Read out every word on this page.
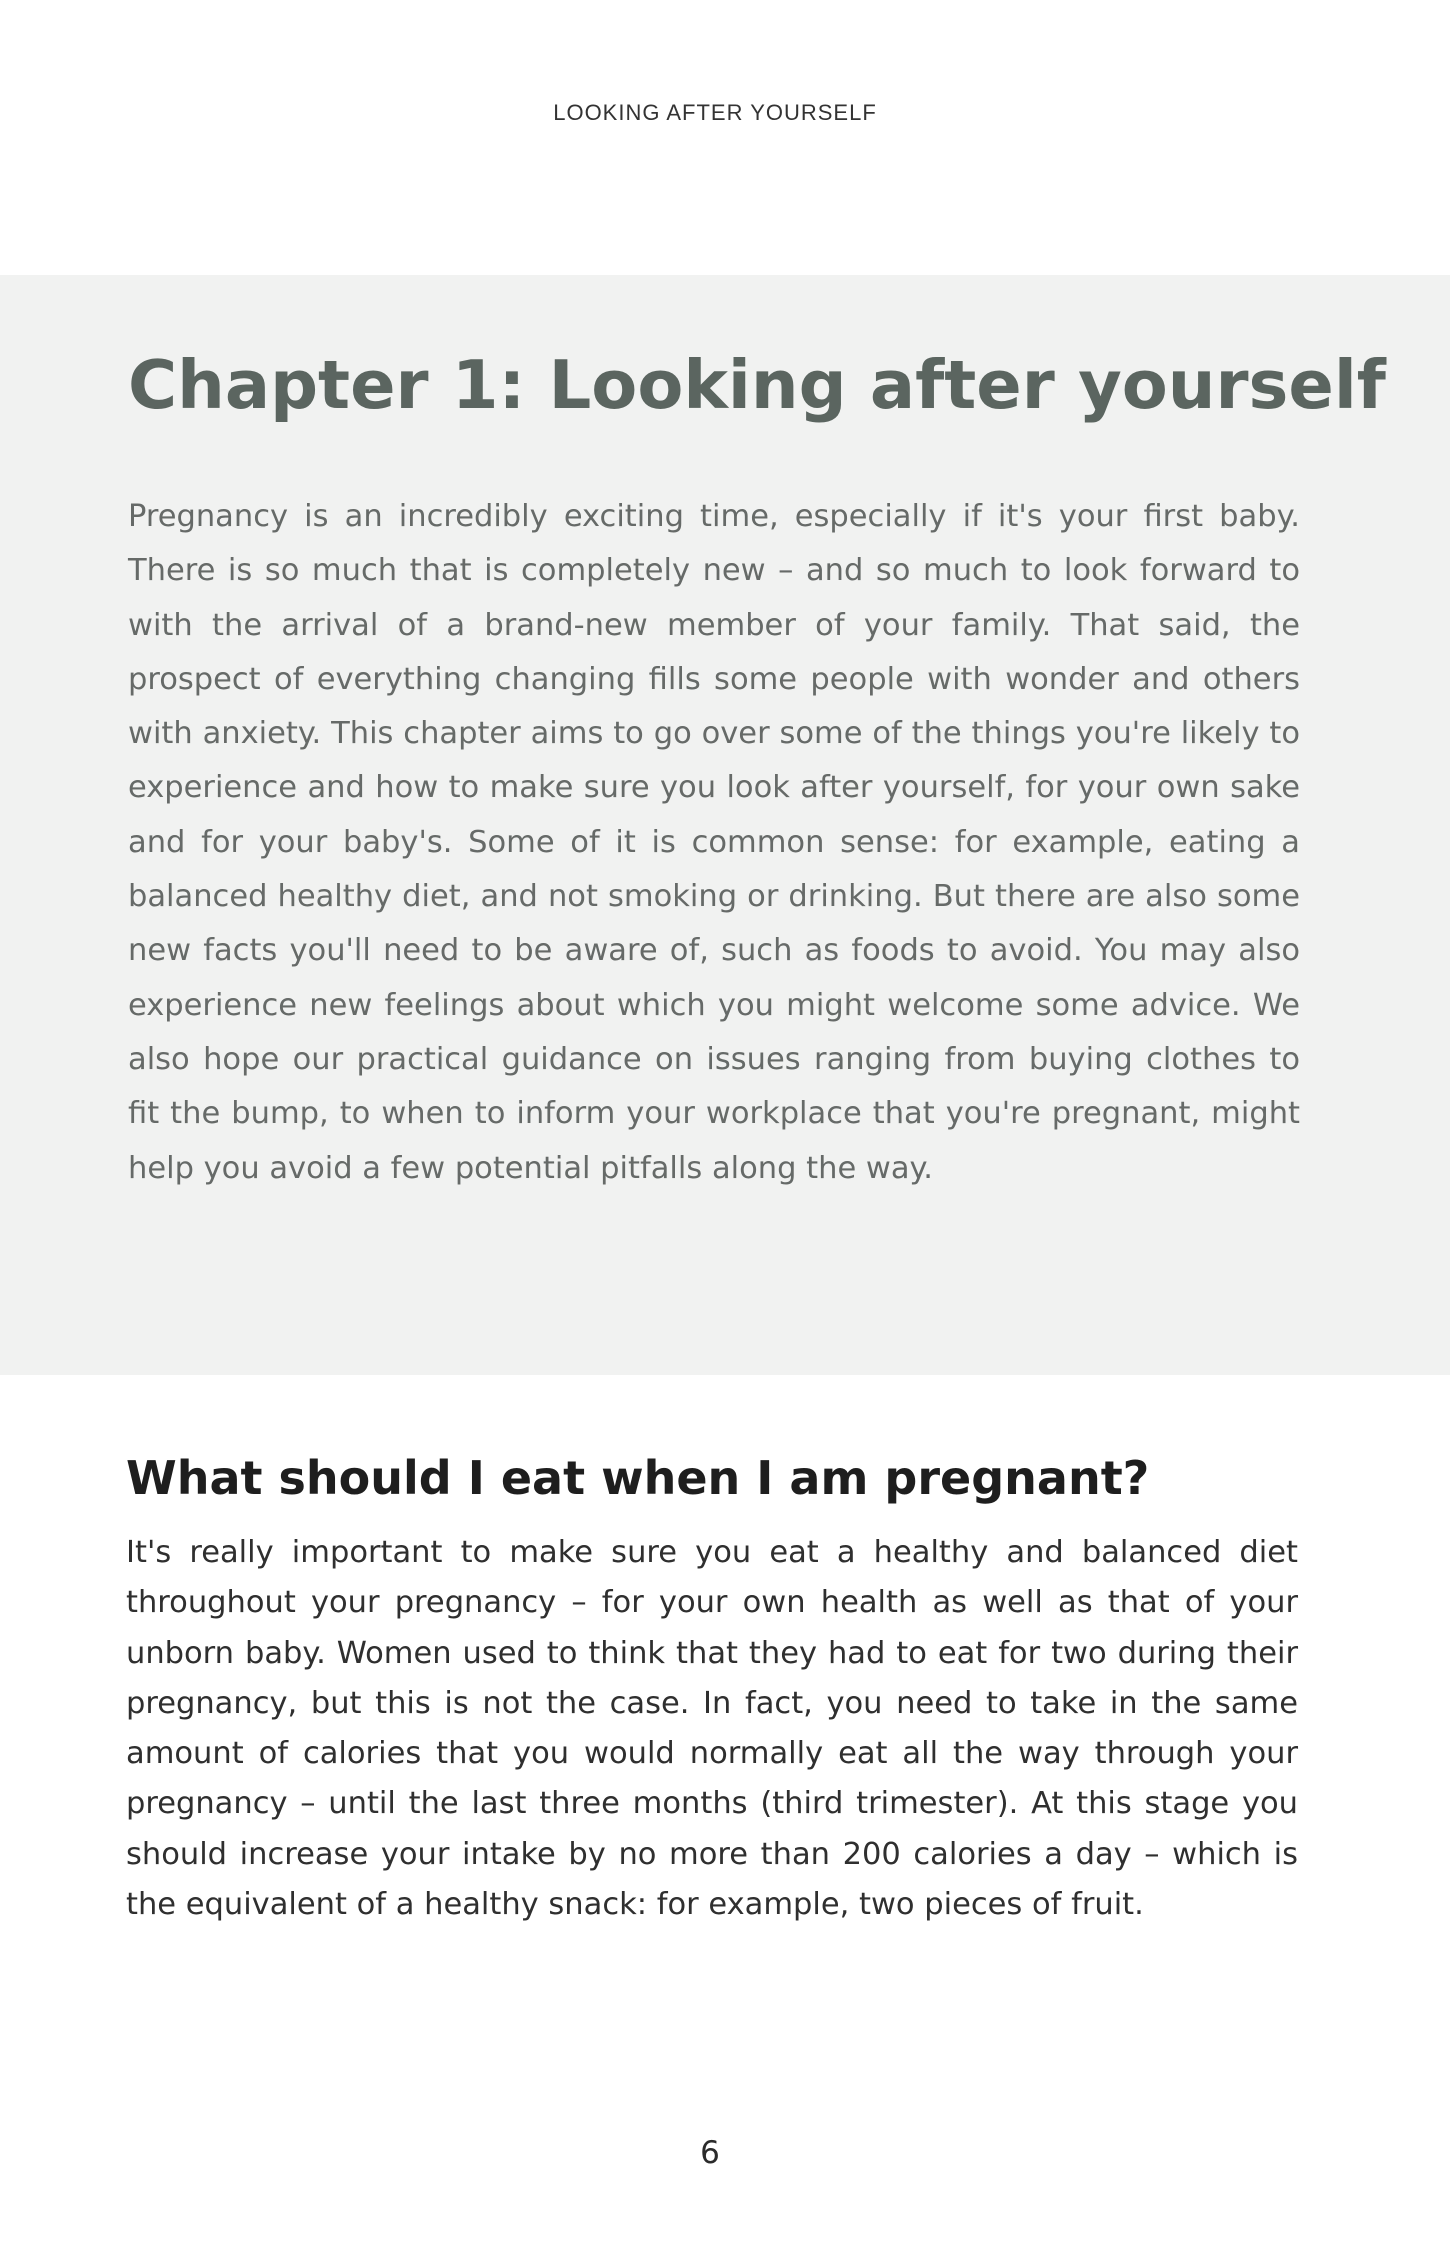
LOOKING AFTER YOURSELF
Chapter 1: Looking after yourself

Pregnancy is an incredibly exciting time, especially if it's your first baby. There is so much that is completely new – and so much to look forward to with the arrival of a brand-new member of your family. That said, the prospect of everything changing fills some people with wonder and others with anxiety. This chapter aims to go over some of the things you're likely to experience and how to make sure you look after yourself, for your own sake and for your baby's. Some of it is common sense: for example, eating a balanced healthy diet, and not smoking or drinking. But there are also some new facts you'll need to be aware of, such as foods to avoid. You may also experience new feelings about which you might welcome some advice. We also hope our practical guidance on issues ranging from buying clothes to fit the bump, to when to inform your workplace that you're pregnant, might help you avoid a few potential pitfalls along the way.

What should I eat when I am pregnant?

It's really important to make sure you eat a healthy and balanced diet throughout your pregnancy – for your own health as well as that of your unborn baby. Women used to think that they had to eat for two during their pregnancy, but this is not the case. In fact, you need to take in the same amount of calories that you would normally eat all the way through your pregnancy – until the last three months (third trimester). At this stage you should increase your intake by no more than 200 calories a day – which is the equivalent of a healthy snack: for example, two pieces of fruit.

6
